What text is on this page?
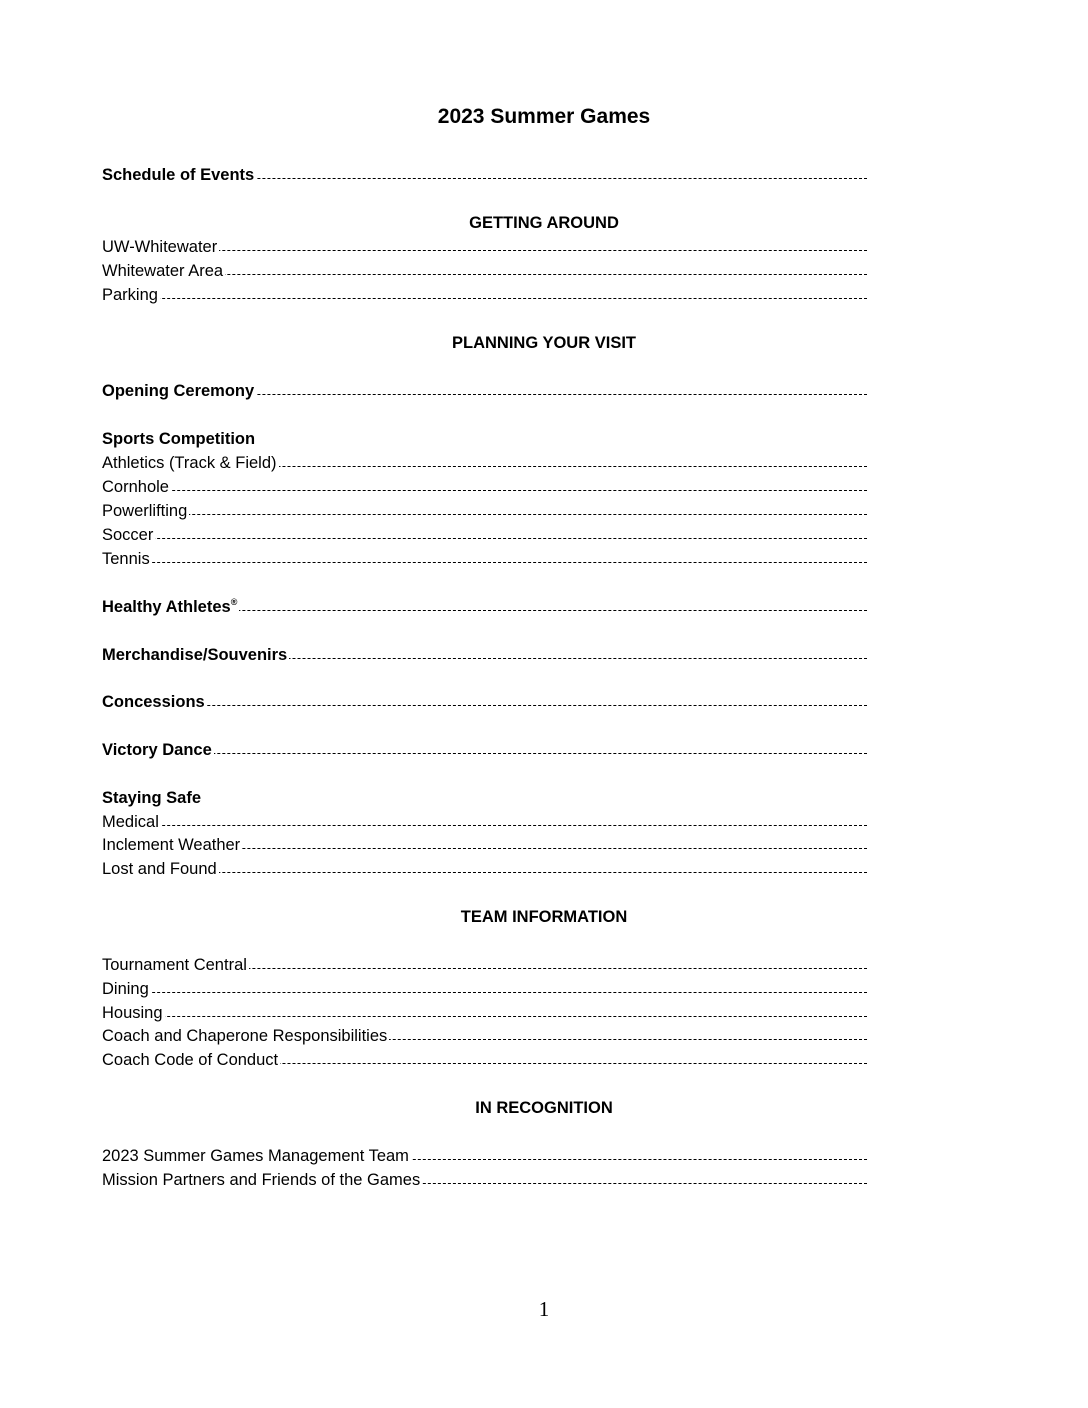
2023 Summer Games
Schedule of Events
GETTING AROUND
UW-Whitewater
Whitewater Area
Parking
PLANNING YOUR VISIT
Opening Ceremony
Sports Competition
Athletics (Track & Field)
Cornhole
Powerlifting
Soccer
Tennis
Healthy Athletes®
Merchandise/Souvenirs
Concessions
Victory Dance
Staying Safe
Medical
Inclement Weather
Lost and Found
TEAM INFORMATION
Tournament Central
Dining
Housing
Coach and Chaperone Responsibilities
Coach Code of Conduct
IN RECOGNITION
2023 Summer Games Management Team
Mission Partners and Friends of the Games
1
